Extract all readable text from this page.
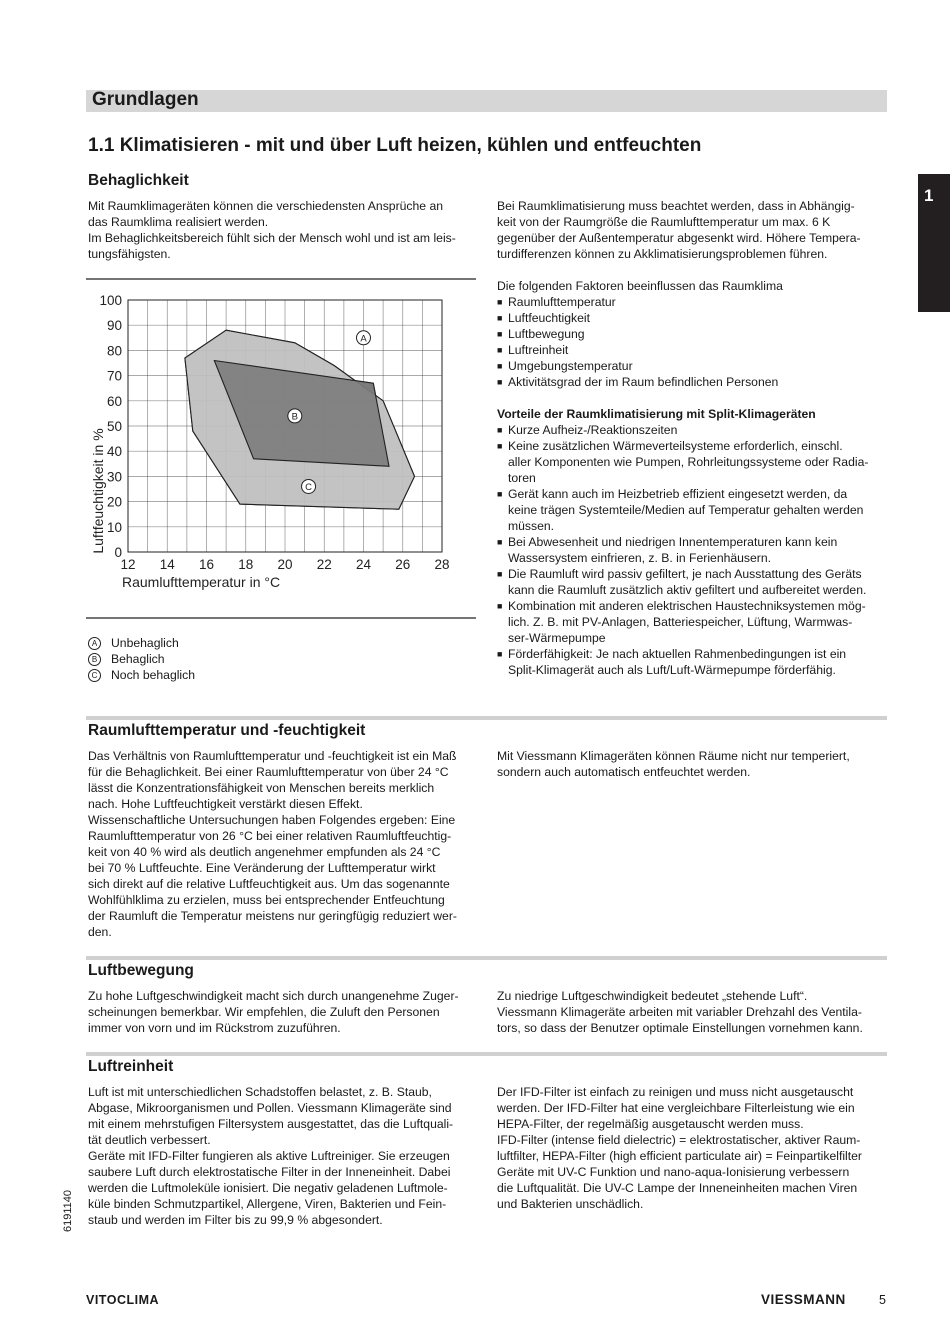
Grundlagen
1
1.1 Klimatisieren - mit und über Luft heizen, kühlen und entfeuchten
Behaglichkeit
Mit Raumklimageräten können die verschiedensten Ansprüche an
das Raumklima realisiert werden.
Im Behaglichkeitsbereich fühlt sich der Mensch wohl und ist am leis-
tungsfähigsten.
Bei Raumklimatisierung muss beachtet werden, dass in Abhängig-
keit von der Raumgröße die Raumlufttemperatur um max. 6 K
gegenüber der Außentemperatur abgesenkt wird. Höhere Tempera-
turdifferenzen können zu Akklimatisierungsproblemen führen.
Die folgenden Faktoren beeinflussen das Raumklima
■ Raumlufttemperatur
■ Luftfeuchtigkeit
■ Luftbewegung
■ Luftreinheit
■ Umgebungstemperatur
■ Aktivitätsgrad der im Raum befindlichen Personen
Vorteile der Raumklimatisierung mit Split-Klimageräten
■ Kurze Aufheiz-/Reaktionszeiten
■ Keine zusätzlichen Wärmeverteilsysteme erforderlich, einschl.
aller Komponenten wie Pumpen, Rohrleitungssysteme oder Radia-
toren
■ Gerät kann auch im Heizbetrieb effizient eingesetzt werden, da
keine trägen Systemteile/Medien auf Temperatur gehalten werden
müssen.
■ Bei Abwesenheit und niedrigen Innentemperaturen kann kein
Wassersystem einfrieren, z. B. in Ferienhäusern.
■ Die Raumluft wird passiv gefiltert, je nach Ausstattung des Geräts
kann die Raumluft zusätzlich aktiv gefiltert und aufbereitet werden.
■ Kombination mit anderen elektrischen Haustechniksystemen mög-
lich. Z. B. mit PV-Anlagen, Batteriespeicher, Lüftung, Warmwas-
ser-Wärmepumpe
■ Förderfähigkeit: Je nach aktuellen Rahmenbedingungen ist ein
Split-Klimagerät auch als Luft/Luft-Wärmepumpe förderfähig.
0
10
20
30
40
50
60
70
80
90
100
12 14 16 18 20 22 24 26 28
Raumlufttemperatur in °C
Luftfeuchtigkeit in %
A
B
C
A	Unbehaglich
B	Behaglich
C Noch behaglich
Raumlufttemperatur und -feuchtigkeit
Das Verhältnis von Raumlufttemperatur und -feuchtigkeit ist ein Maß
für die Behaglichkeit. Bei einer Raumlufttemperatur von über 24 °C
lässt die Konzentrationsfähigkeit von Menschen bereits merklich
nach. Hohe Luftfeuchtigkeit verstärkt diesen Effekt.
Wissenschaftliche Untersuchungen haben Folgendes ergeben: Eine
Raumlufttemperatur von 26 °C bei einer relativen Raumluftfeuchtig-
keit von 40 % wird als deutlich angenehmer empfunden als 24 °C
bei 70 % Luftfeuchte. Eine Veränderung der Lufttemperatur wirkt
sich direkt auf die relative Luftfeuchtigkeit aus. Um das sogenannte
Wohlfühlklima zu erzielen, muss bei entsprechender Entfeuchtung
der Raumluft die Temperatur meistens nur geringfügig reduziert wer-
den.
Mit Viessmann Klimageräten können Räume nicht nur temperiert,
sondern auch automatisch entfeuchtet werden.
Luftbewegung
Zu hohe Luftgeschwindigkeit macht sich durch unangenehme Zuger-
scheinungen bemerkbar. Wir empfehlen, die Zuluft den Personen
immer von vorn und im Rückstrom zuzuführen.
Zu niedrige Luftgeschwindigkeit bedeutet „stehende Luft“.
Viessmann Klimageräte arbeiten mit variabler Drehzahl des Ventila-
tors, so dass der Benutzer optimale Einstellungen vornehmen kann.
Luftreinheit
Luft ist mit unterschiedlichen Schadstoffen belastet, z. B. Staub,
Abgase, Mikroorganismen und Pollen. Viessmann Klimageräte sind
mit einem mehrstufigen Filtersystem ausgestattet, das die Luftquali-
tät deutlich verbessert.
Geräte mit IFD-Filter fungieren als aktive Luftreiniger. Sie erzeugen
saubere Luft durch elektrostatische Filter in der Inneneinheit. Dabei
werden die Luftmoleküle ionisiert. Die negativ geladenen Luftmole-
küle binden Schmutzpartikel, Allergene, Viren, Bakterien und Fein-
staub und werden im Filter bis zu 99,9 % abgesondert.
Der IFD-Filter ist einfach zu reinigen und muss nicht ausgetauscht
werden. Der IFD-Filter hat eine vergleichbare Filterleistung wie ein
HEPA-Filter, der regelmäßig ausgetauscht werden muss.
IFD-Filter (intense field dielectric) = elektrostatischer, aktiver Raum-
luftfilter, HEPA-Filter (high efficient particulate air) = Feinpartikelfilter
Geräte mit UV-C Funktion und nano-aqua-Ionisierung verbessern
die Luftqualität. Die UV-C Lampe der Inneneinheiten machen Viren
und Bakterien unschädlich.
6191140
VITOCLIMA	VIESSMANN	5
